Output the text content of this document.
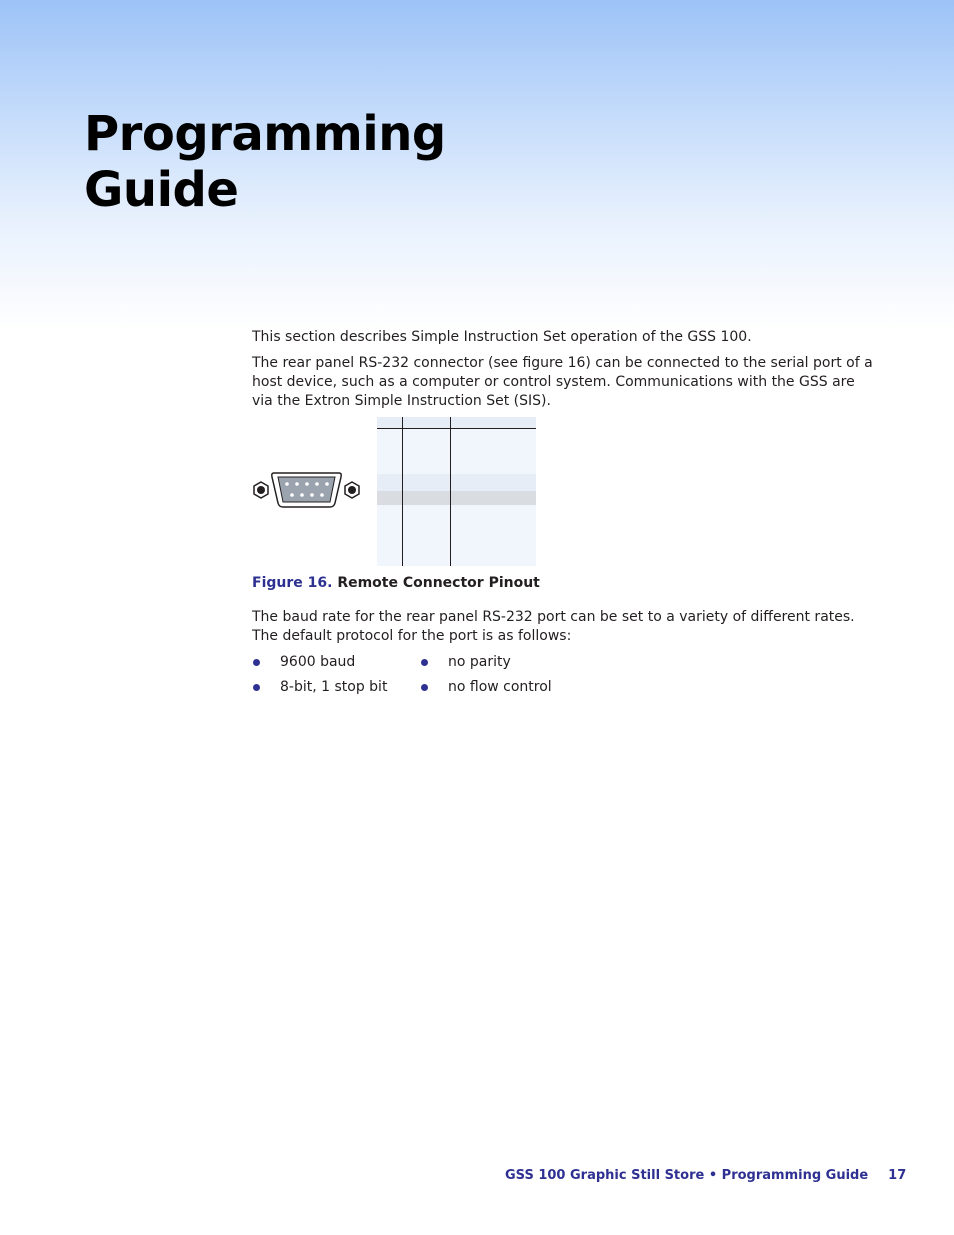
Programming
Guide

This section describes Simple Instruction Set operation of the GSS 100.

The rear panel RS-232 connector (see figure 16) can be connected to the serial port of a host device, such as a computer or control system. Communications with the GSS are via the Extron Simple Instruction Set (SIS).

Figure 16. Remote Connector Pinout

The baud rate for the rear panel RS-232 port can be set to a variety of different rates. The default protocol for the port is as follows:

9600 baud
8-bit, 1 stop bit
no parity
no flow control
GSS 100 Graphic Still Store • Programming Guide 17
